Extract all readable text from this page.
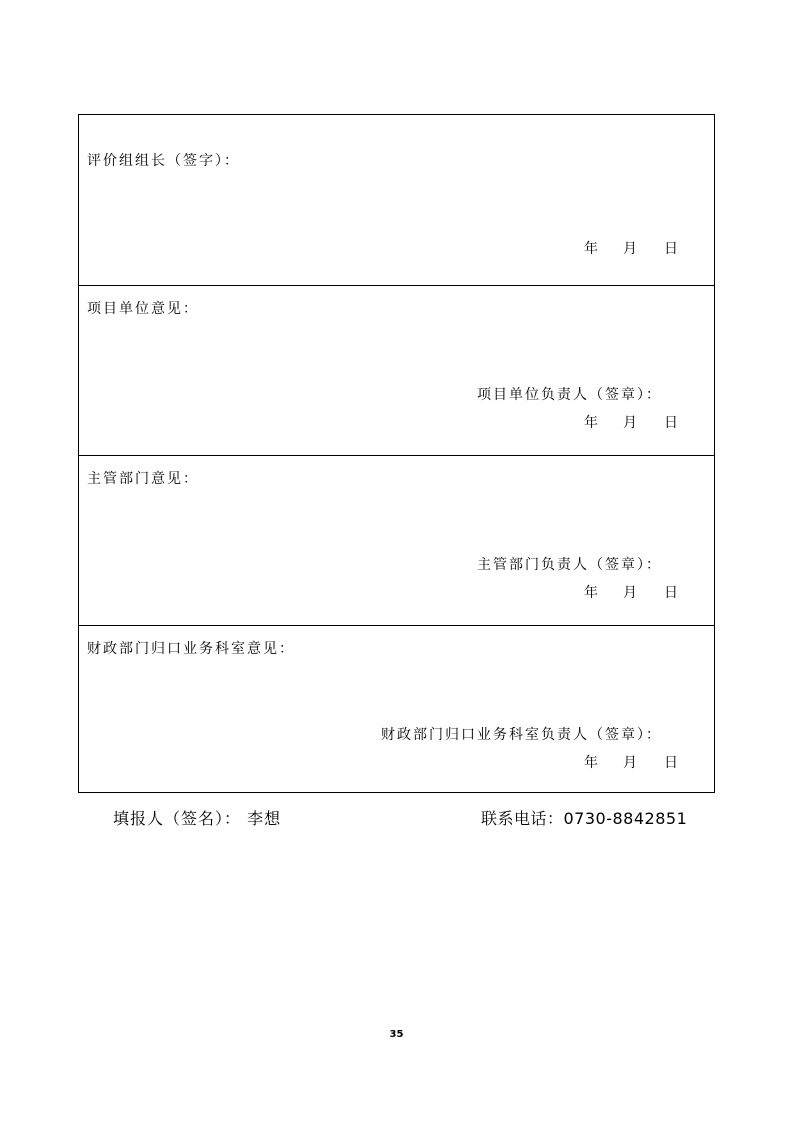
评价组组长（签字）：
年 月 日
项目单位意见：
项目单位负责人（签章）：
年 月 日
主管部门意见：
主管部门负责人（签章）：
年 月 日
财政部门归口业务科室意见：
财政部门归口业务科室负责人（签章）：
年 月 日
填报人（签名）： 李想	联系电话：0730-8842851
35
